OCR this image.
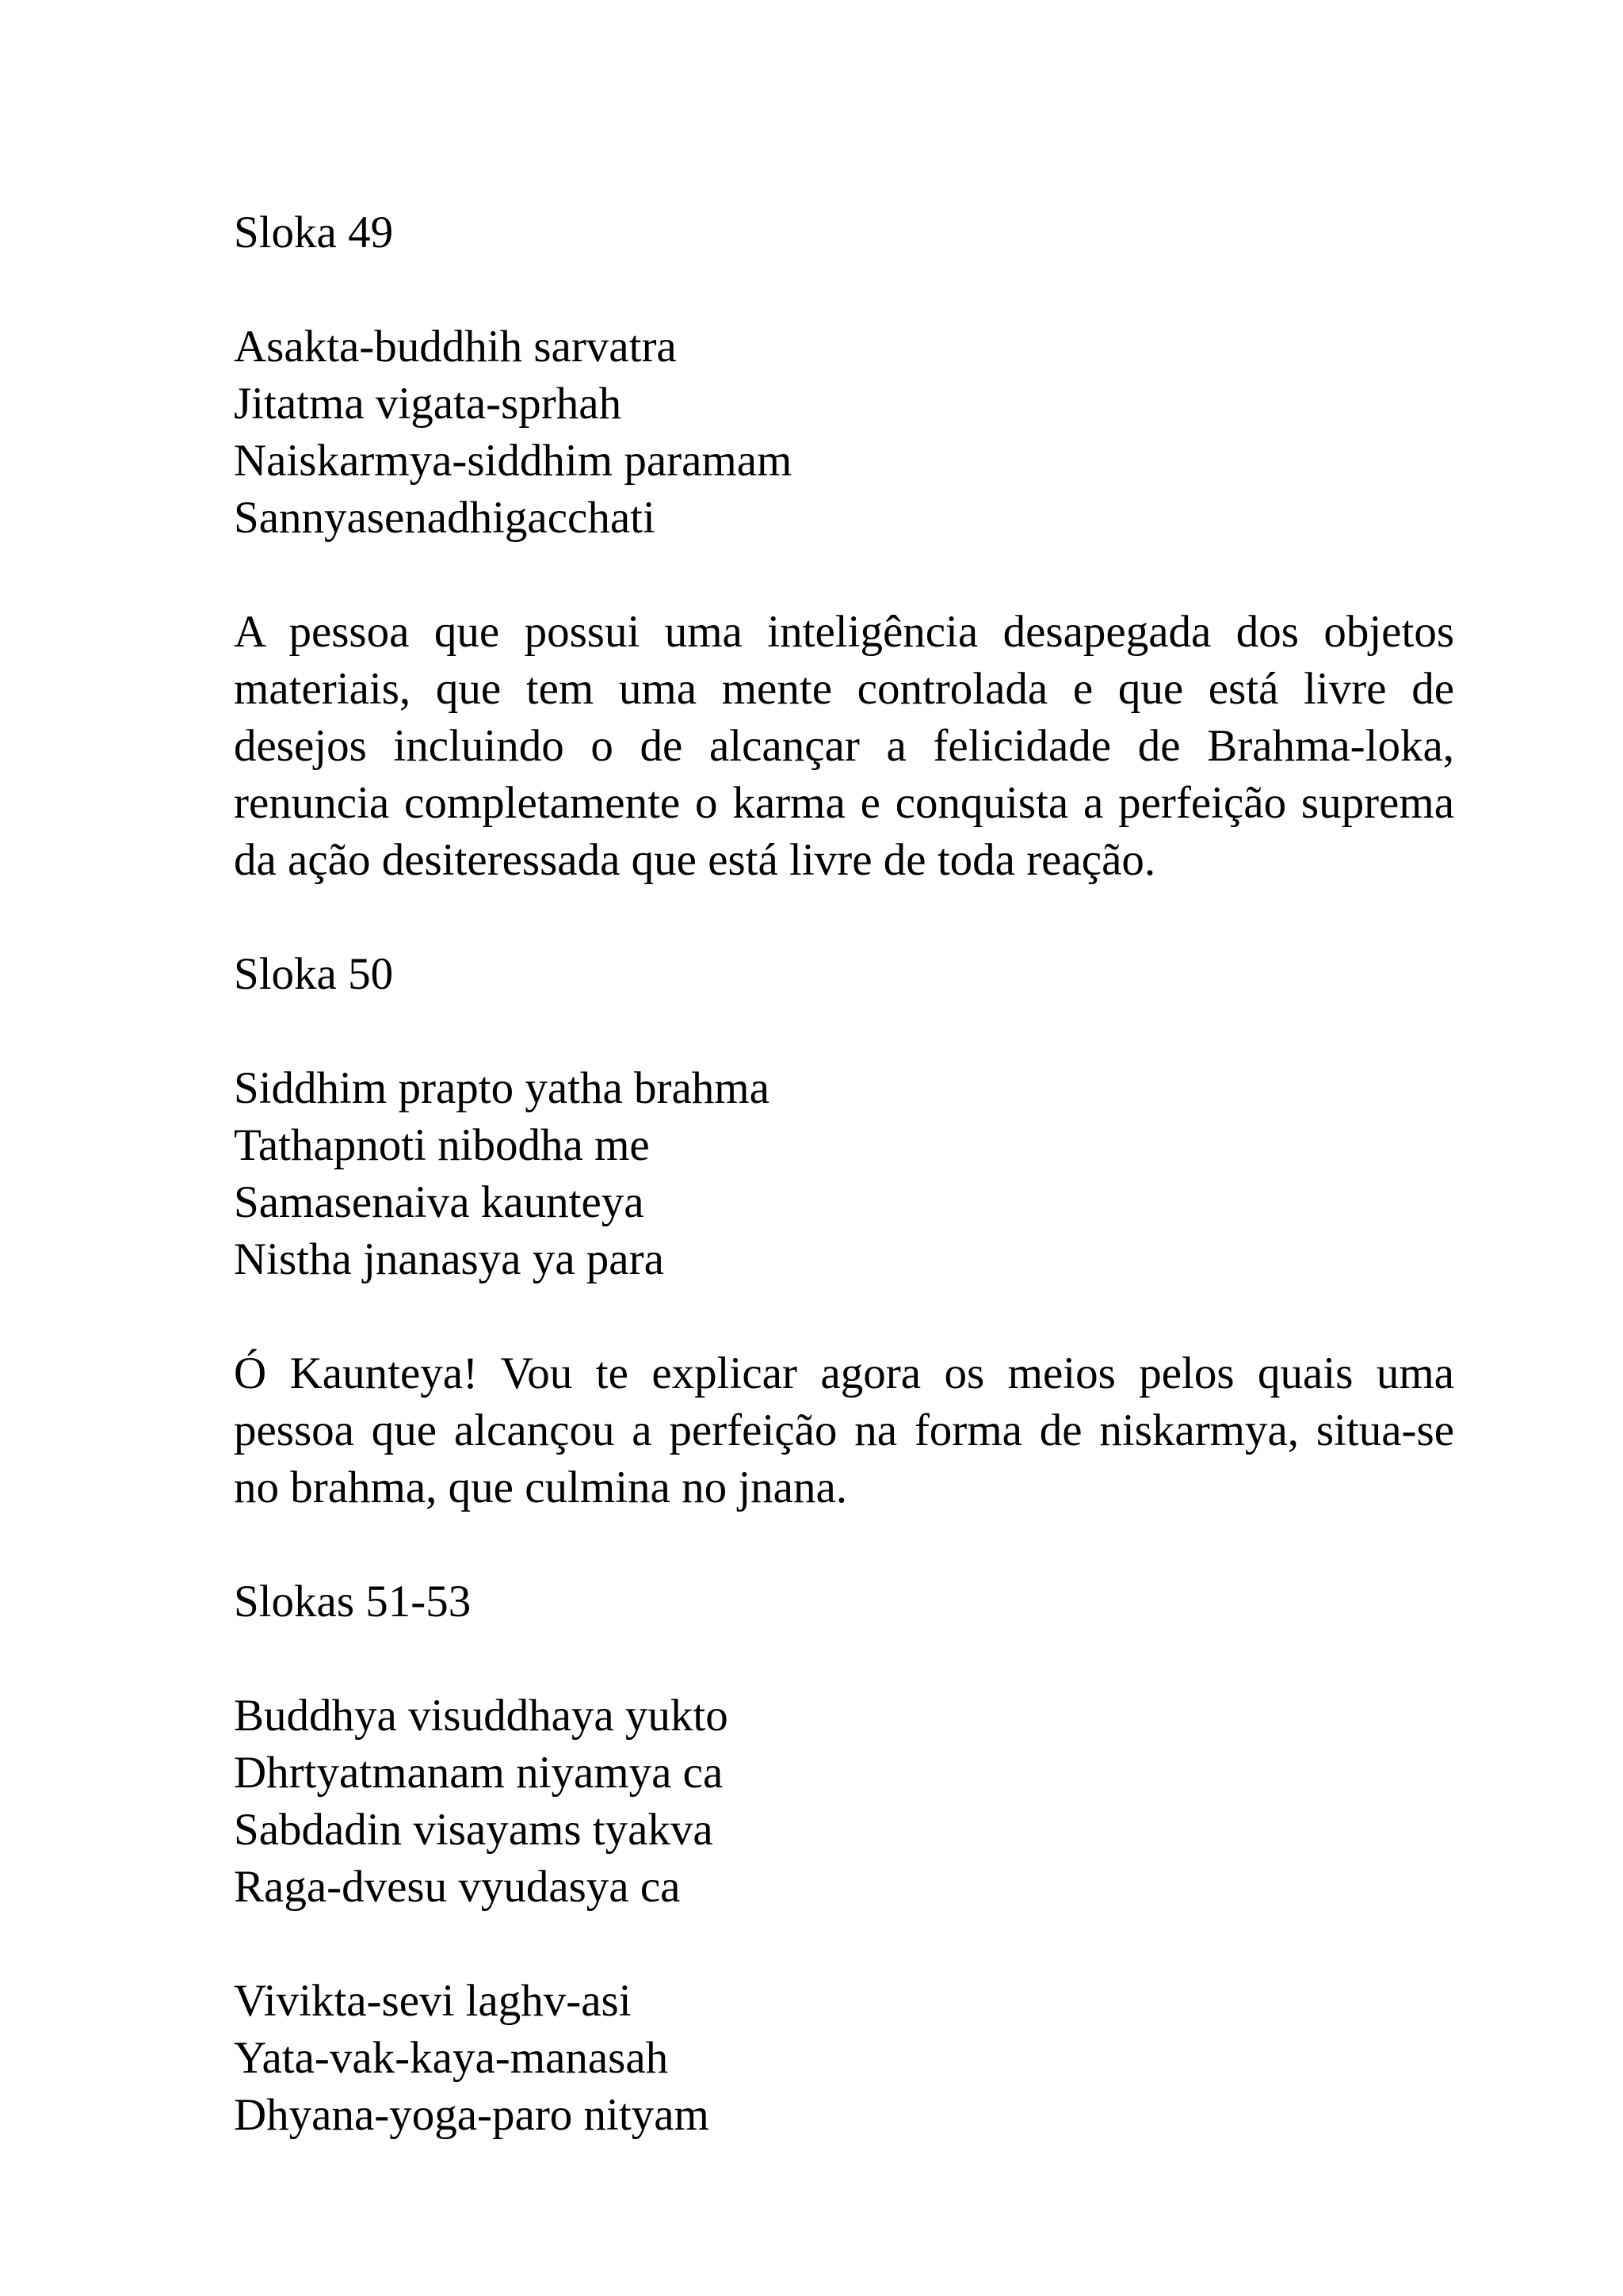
Sloka 49

Asakta-buddhih sarvatra
Jitatma vigata-sprhah
Naiskarmya-siddhim paramam
Sannyasenadhigacchati

A pessoa que possui uma inteligência desapegada dos objetos materiais, que tem uma mente controlada e que está livre de desejos incluindo o de alcançar a felicidade de Brahma-loka, renuncia completamente o karma e conquista a perfeição suprema da ação desiteressada que está livre de toda reação.

Sloka 50

Siddhim prapto yatha brahma
Tathapnoti nibodha me
Samasenaiva kaunteya
Nistha jnanasya ya para

Ó Kaunteya! Vou te explicar agora os meios pelos quais uma pessoa que alcançou a perfeição na forma de niskarmya, situa-se no brahma, que culmina no jnana.

Slokas 51-53

Buddhya visuddhaya yukto
Dhrtyatmanam niyamya ca
Sabdadin visayams tyakva
Raga-dvesu vyudasya ca
Vivikta-sevi laghv-asi
Yata-vak-kaya-manasah
Dhyana-yoga-paro nityam
